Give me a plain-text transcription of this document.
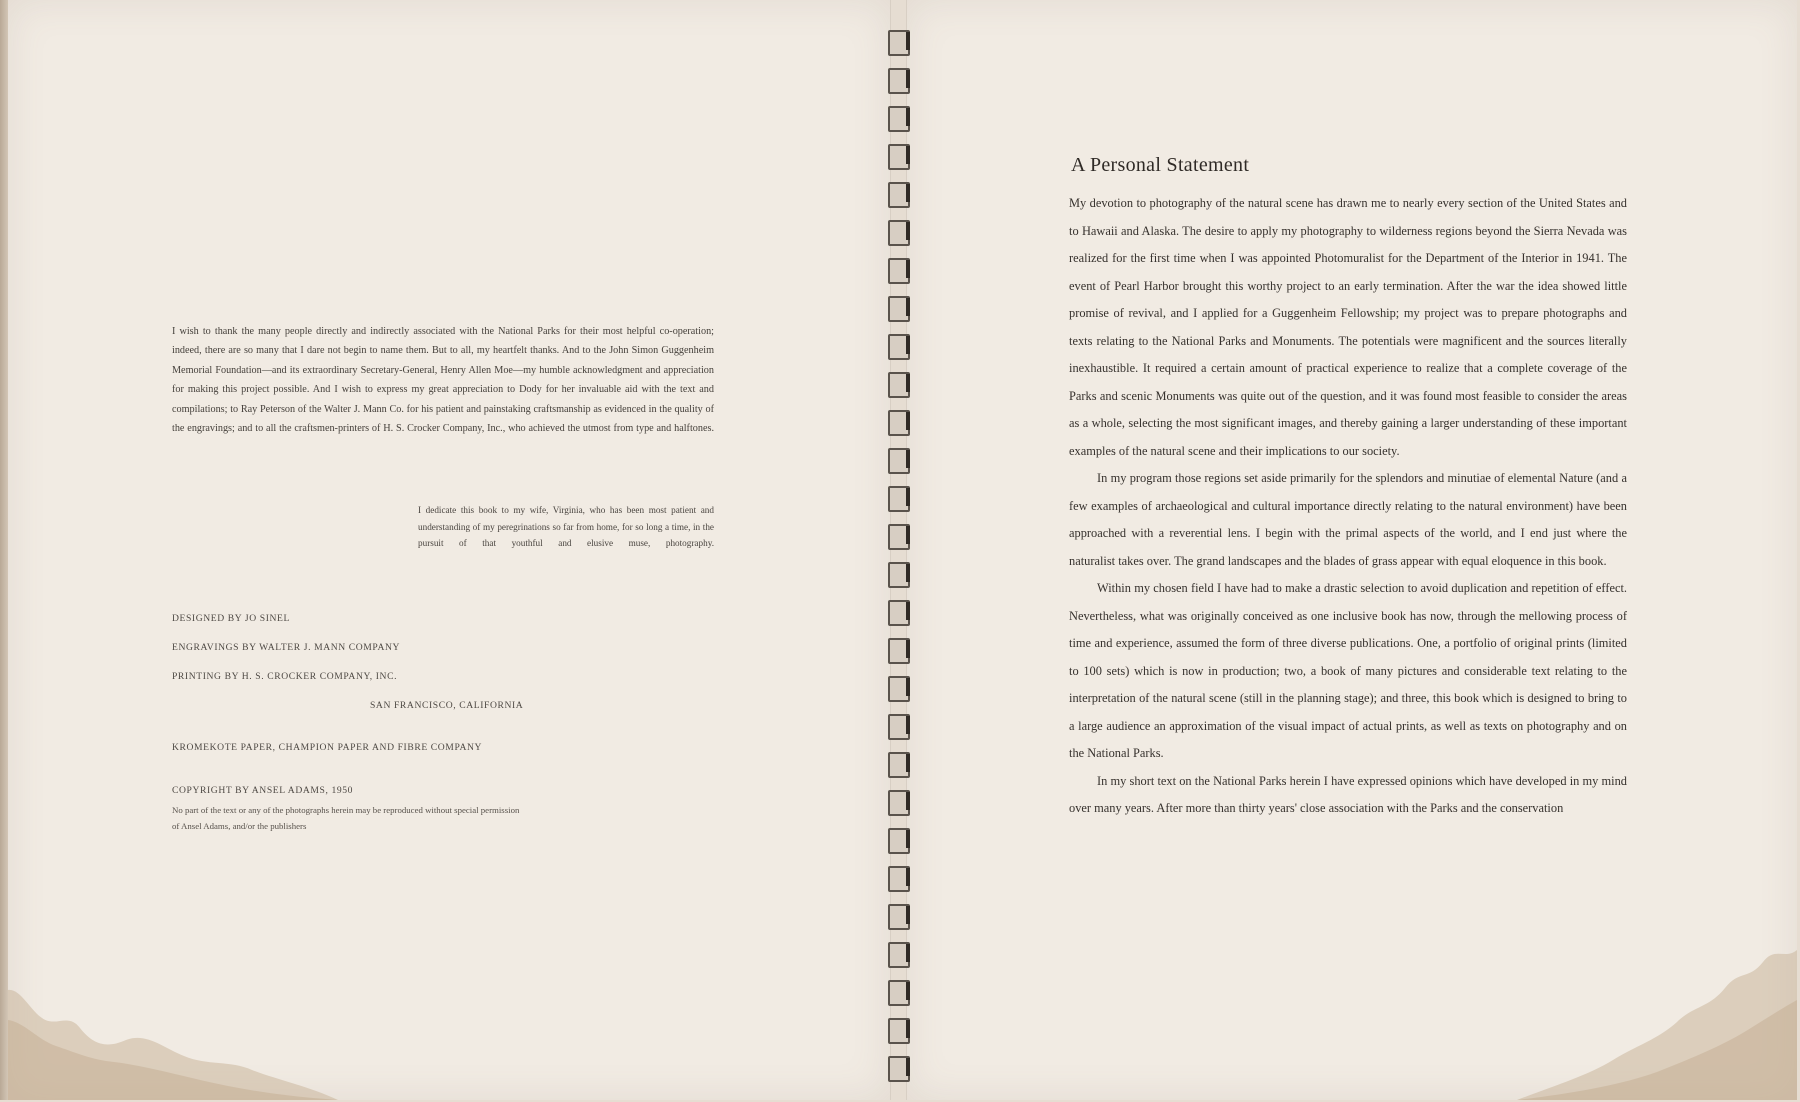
I wish to thank the many people directly and indirectly associated with the National Parks for their most helpful co-operation; indeed, there are so many that I dare not begin to name them. But to all, my heartfelt thanks. And to the John Simon Guggenheim Memorial Foundation—and its extraordinary Secretary-General, Henry Allen Moe—my humble acknowledgment and appreciation for making this project possible. And I wish to express my great appreciation to Dody for her invaluable aid with the text and compilations; to Ray Peterson of the Walter J. Mann Co. for his patient and painstaking craftsmanship as evidenced in the quality of the engravings; and to all the craftsmen-printers of H. S. Crocker Company, Inc., who achieved the utmost from type and halftones.
I dedicate this book to my wife, Virginia, who has been most patient and understanding of my peregrinations so far from home, for so long a time, in the pursuit of that youthful and elusive muse, photography.
DESIGNED BY JO SINEL
ENGRAVINGS BY WALTER J. MANN COMPANY
PRINTING BY H. S. CROCKER COMPANY, INC.
SAN FRANCISCO, CALIFORNIA
KROMEKOTE PAPER, CHAMPION PAPER AND FIBRE COMPANY
COPYRIGHT BY ANSEL ADAMS, 1950
No part of the text or any of the photographs herein may be reproduced without special permission
of Ansel Adams, and/or the publishers
A Personal Statement

My devotion to photography of the natural scene has drawn me to nearly every section of the United States and to Hawaii and Alaska. The desire to apply my photography to wilderness regions beyond the Sierra Nevada was realized for the first time when I was appointed Photomuralist for the Department of the Interior in 1941. The event of Pearl Harbor brought this worthy project to an early termination. After the war the idea showed little promise of revival, and I applied for a Guggenheim Fellowship; my project was to prepare photographs and texts relating to the National Parks and Monuments. The potentials were magnificent and the sources literally inexhaustible. It required a certain amount of practical experience to realize that a complete coverage of the Parks and scenic Monuments was quite out of the question, and it was found most feasible to consider the areas as a whole, selecting the most significant images, and thereby gaining a larger understanding of these important examples of the natural scene and their implications to our society.

In my program those regions set aside primarily for the splendors and minutiae of elemental Nature (and a few examples of archaeological and cultural importance directly relating to the natural environment) have been approached with a reverential lens. I begin with the primal aspects of the world, and I end just where the naturalist takes over. The grand landscapes and the blades of grass appear with equal eloquence in this book.

Within my chosen field I have had to make a drastic selection to avoid duplication and repetition of effect. Nevertheless, what was originally conceived as one inclusive book has now, through the mellowing process of time and experience, assumed the form of three diverse publications. One, a portfolio of original prints (limited to 100 sets) which is now in production; two, a book of many pictures and considerable text relating to the interpretation of the natural scene (still in the planning stage); and three, this book which is designed to bring to a large audience an approximation of the visual impact of actual prints, as well as texts on photography and on the National Parks.

In my short text on the National Parks herein I have expressed opinions which have developed in my mind over many years. After more than thirty years' close association with the Parks and the conservation
